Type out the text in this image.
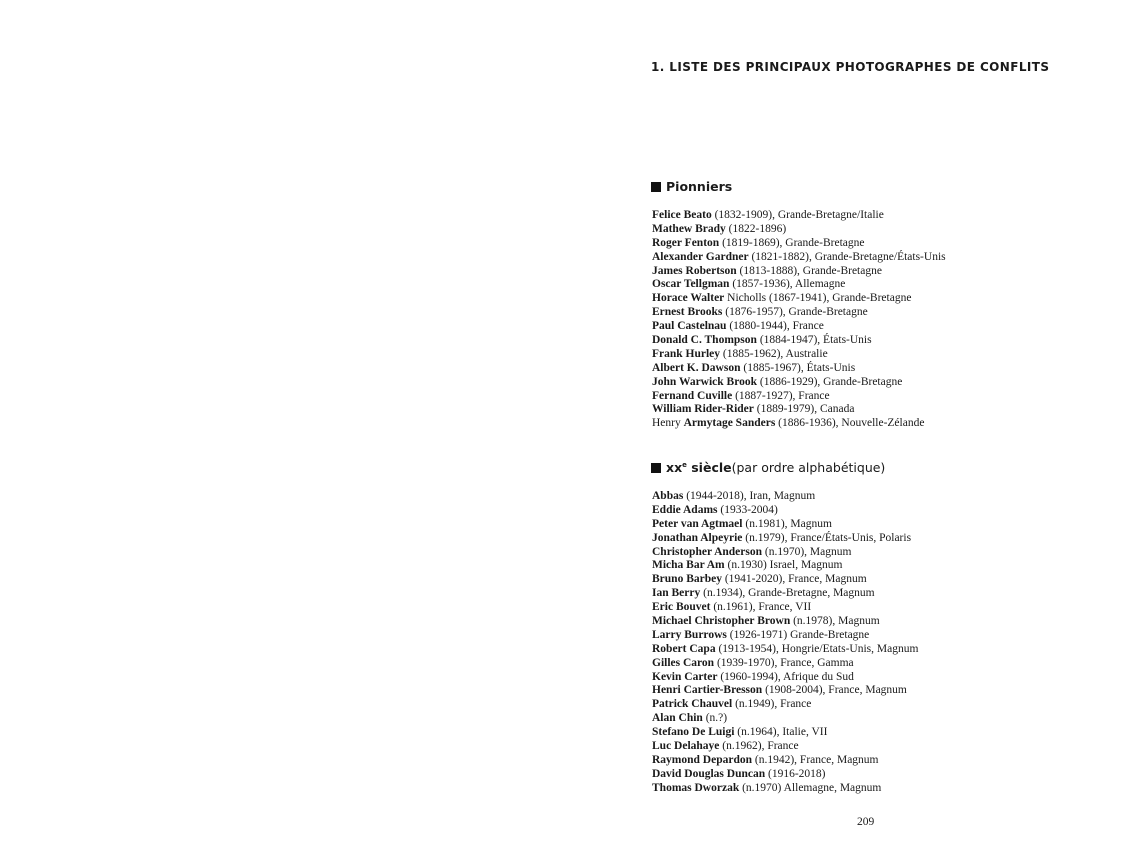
1. LISTE DES PRINCIPAUX PHOTOGRAPHES DE CONFLITS
Pionniers
Felice Beato (1832-1909), Grande-Bretagne/Italie
Mathew Brady (1822-1896)
Roger Fenton (1819-1869), Grande-Bretagne
Alexander Gardner (1821-1882), Grande-Bretagne/États-Unis
James Robertson (1813-1888), Grande-Bretagne
Oscar Tellgman (1857-1936), Allemagne
Horace Walter Nicholls (1867-1941), Grande-Bretagne
Ernest Brooks (1876-1957), Grande-Bretagne
Paul Castelnau (1880-1944), France
Donald C. Thompson (1884-1947), États-Unis
Frank Hurley (1885-1962), Australie
Albert K. Dawson (1885-1967), États-Unis
John Warwick Brook (1886-1929), Grande-Bretagne
Fernand Cuville (1887-1927), France
William Rider-Rider (1889-1979), Canada
Henry Armytage Sanders (1886-1936), Nouvelle-Zélande
$xx^e$ siècle (par ordre alphabétique)
Abbas (1944-2018), Iran, Magnum
Eddie Adams (1933-2004)
Peter van Agtmael (n.1981), Magnum
Jonathan Alpeyrie (n.1979), France/États-Unis, Polaris
Christopher Anderson (n.1970), Magnum
Micha Bar Am (n.1930) Israel, Magnum
Bruno Barbey (1941-2020), France, Magnum
Ian Berry (n.1934), Grande-Bretagne, Magnum
Eric Bouvet (n.1961), France, VII
Michael Christopher Brown (n.1978), Magnum
Larry Burrows (1926-1971) Grande-Bretagne
Robert Capa (1913-1954), Hongrie/Etats-Unis, Magnum
Gilles Caron (1939-1970), France, Gamma
Kevin Carter (1960-1994), Afrique du Sud
Henri Cartier-Bresson (1908-2004), France, Magnum
Patrick Chauvel (n.1949), France
Alan Chin (n.?)
Stefano De Luigi (n.1964), Italie, VII
Luc Delahaye (n.1962), France
Raymond Depardon (n.1942), France, Magnum
David Douglas Duncan (1916-2018)
Thomas Dworzak (n.1970) Allemagne, Magnum
209
